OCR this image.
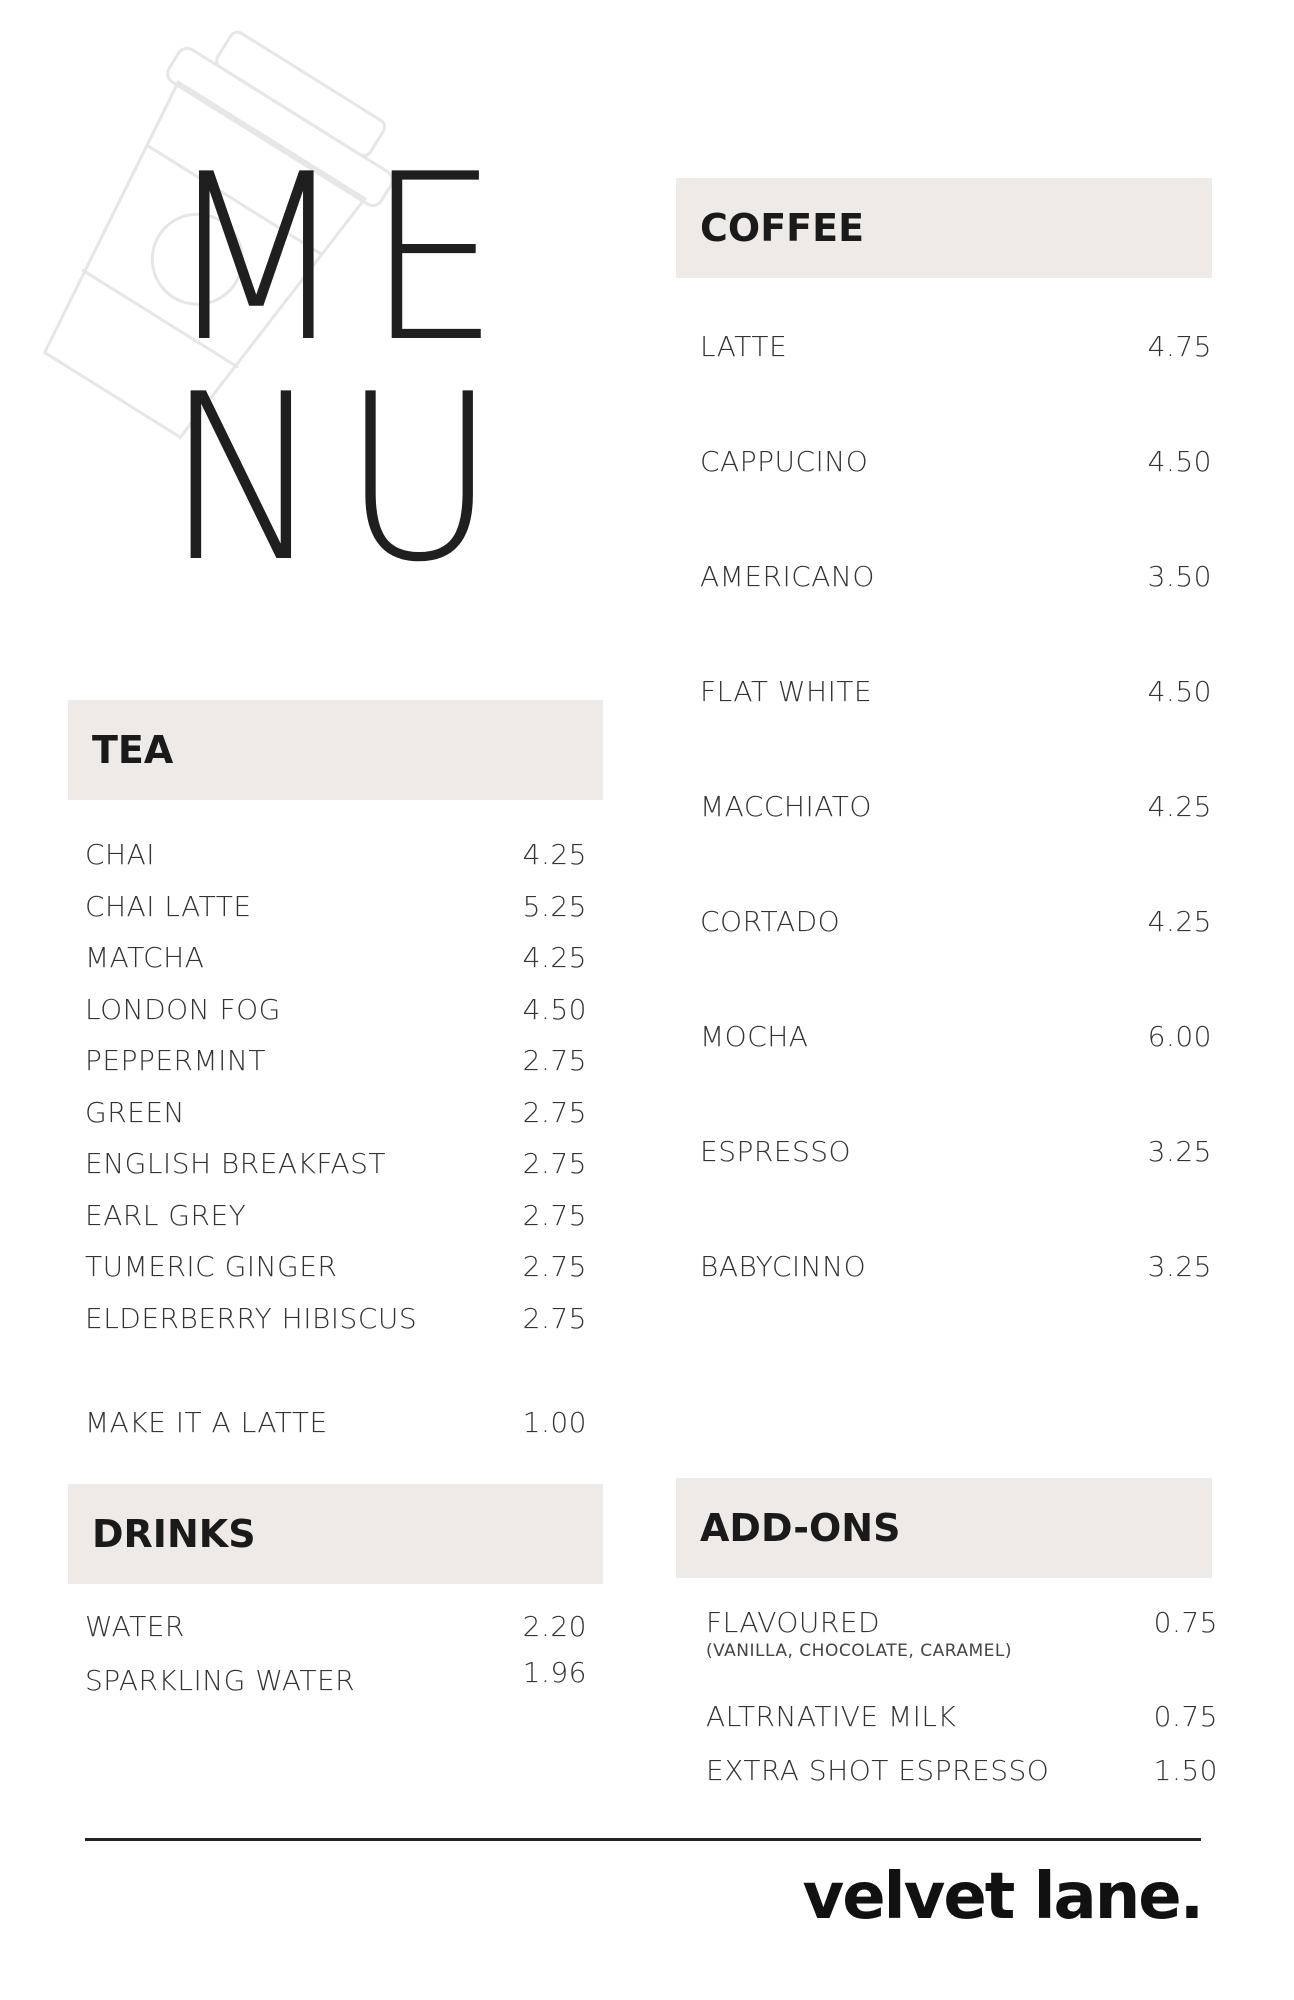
ME
NU
TEA
CHAI	4.25
CHAI LATTE	5.25
MATCHA	4.25
LONDON FOG	4.50
PEPPERMINT	2.75
GREEN	2.75
ENGLISH BREAKFAST	2.75
EARL GREY	2.75
TUMERIC GINGER	2.75
ELDERBERRY HIBISCUS	2.75
MAKE IT A LATTE	1.00
DRINKS
WATER	2.20
SPARKLING WATER	1.96
COFFEE
LATTE	4.75
CAPPUCINO	4.50
AMERICANO	3.50
FLAT WHITE	4.50
MACCHIATO	4.25
CORTADO	4.25
MOCHA	6.00
ESPRESSO	3.25
BABYCINNO	3.25
ADD-ONS
FLAVOURED	0.75
(VANILLA, CHOCOLATE, CARAMEL)
ALTRNATIVE MILK	0.75
EXTRA SHOT ESPRESSO	1.50
velvet lane.
